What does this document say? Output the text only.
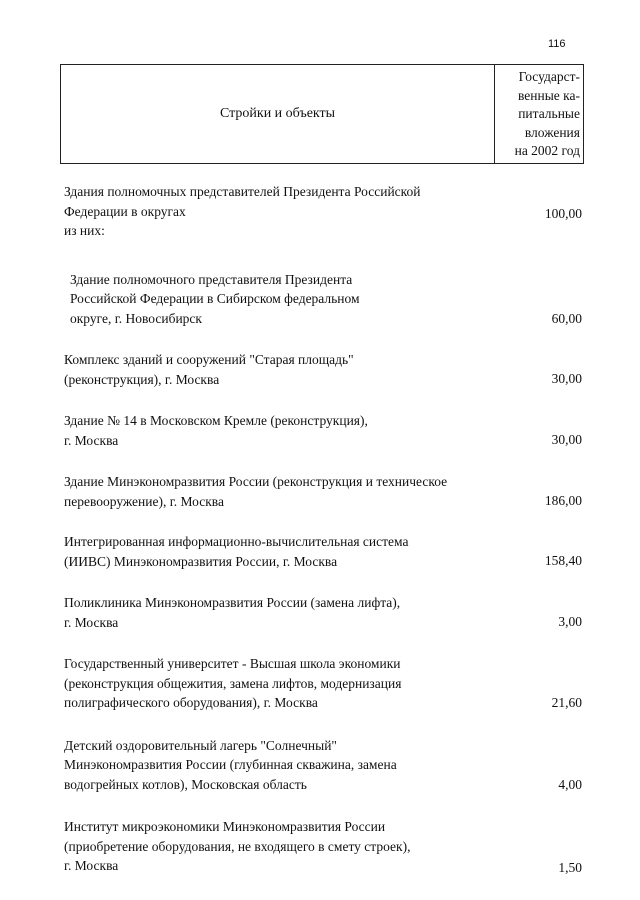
116
Стройки и объекты
Государст-
венные ка-
питальные
вложения
на 2002 год
Здания полномочных представителей Президента Российской
Федерации в округах
из них:
100,00
Здание полномочного представителя Президента
Российской Федерации в Сибирском федеральном
округе, г. Новосибирск	60,00
Комплекс зданий и сооружений "Старая площадь"
(реконструкция), г. Москва	30,00
Здание № 14 в Московском Кремле (реконструкция),
г. Москва	30,00
Здание Минэкономразвития России (реконструкция и техническое
перевооружение), г. Москва	186,00
Интегрированная информационно-вычислительная система
(ИИВС) Минэкономразвития России, г. Москва	158,40
Поликлиника Минэкономразвития России (замена лифта),
г. Москва	3,00
Государственный университет - Высшая школа экономики
(реконструкция общежития, замена лифтов, модернизация
полиграфического оборудования), г. Москва	21,60
Детский оздоровительный лагерь "Солнечный"
Минэкономразвития России (глубинная скважина, замена
водогрейных котлов), Московская область	4,00
Институт микроэкономики Минэкономразвития России
(приобретение оборудования, не входящего в смету строек),
г. Москва	1,50
